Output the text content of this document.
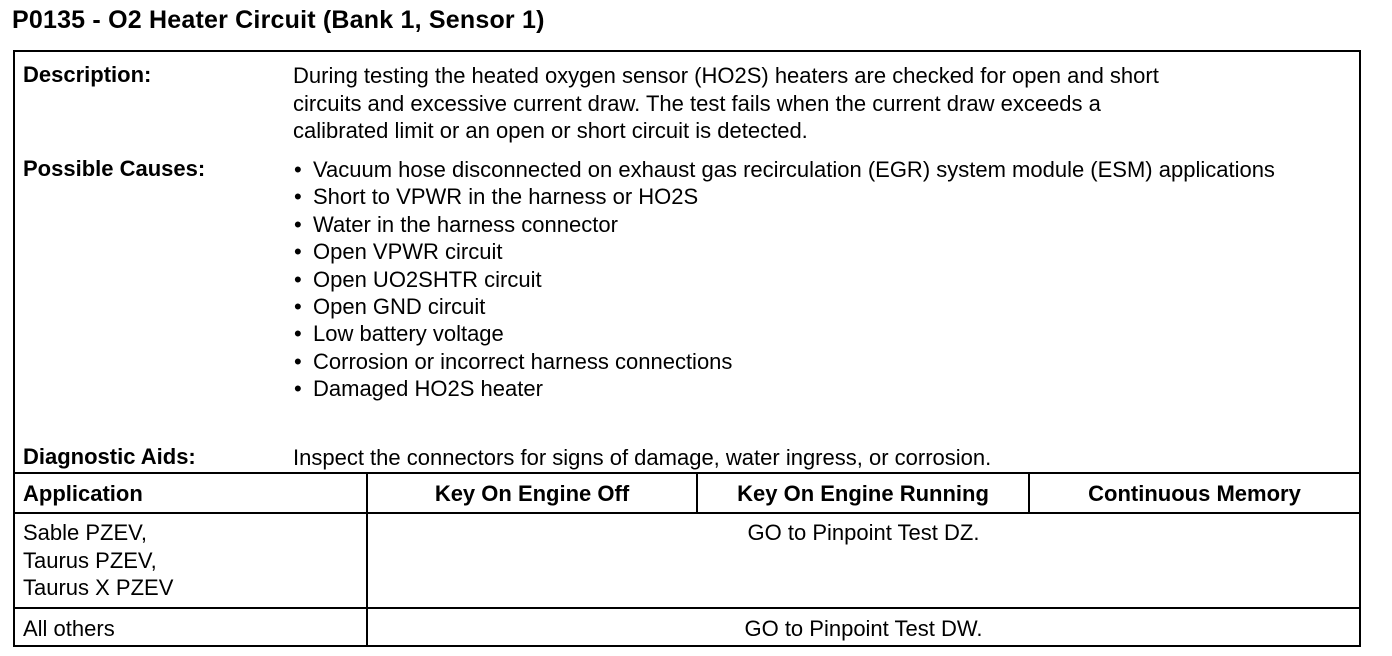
P0135 - O2 Heater Circuit (Bank 1, Sensor 1)
Description:	During testing the heated oxygen sensor (HO2S) heaters are checked for open and short
circuits and excessive current draw. The test fails when the current draw exceeds a
calibrated limit or an open or short circuit is detected.
Possible Causes:
•	Vacuum hose disconnected on exhaust gas recirculation (EGR) system module (ESM) applications
• Short to VPWR in the harness or HO2S
• Water in the harness connector
• Open VPWR circuit
• Open UO2SHTR circuit
• Open GND circuit
• Low battery voltage
• Corrosion or incorrect harness connections
• Damaged HO2S heater
Diagnostic Aids:	Inspect the connectors for signs of damage, water ingress, or corrosion.
Application	Key On Engine Off	Key On Engine Running	Continuous Memory
Sable PZEV,
Taurus PZEV,
Taurus X PZEV
GO to Pinpoint Test DZ.
All others	GO to Pinpoint Test DW.
